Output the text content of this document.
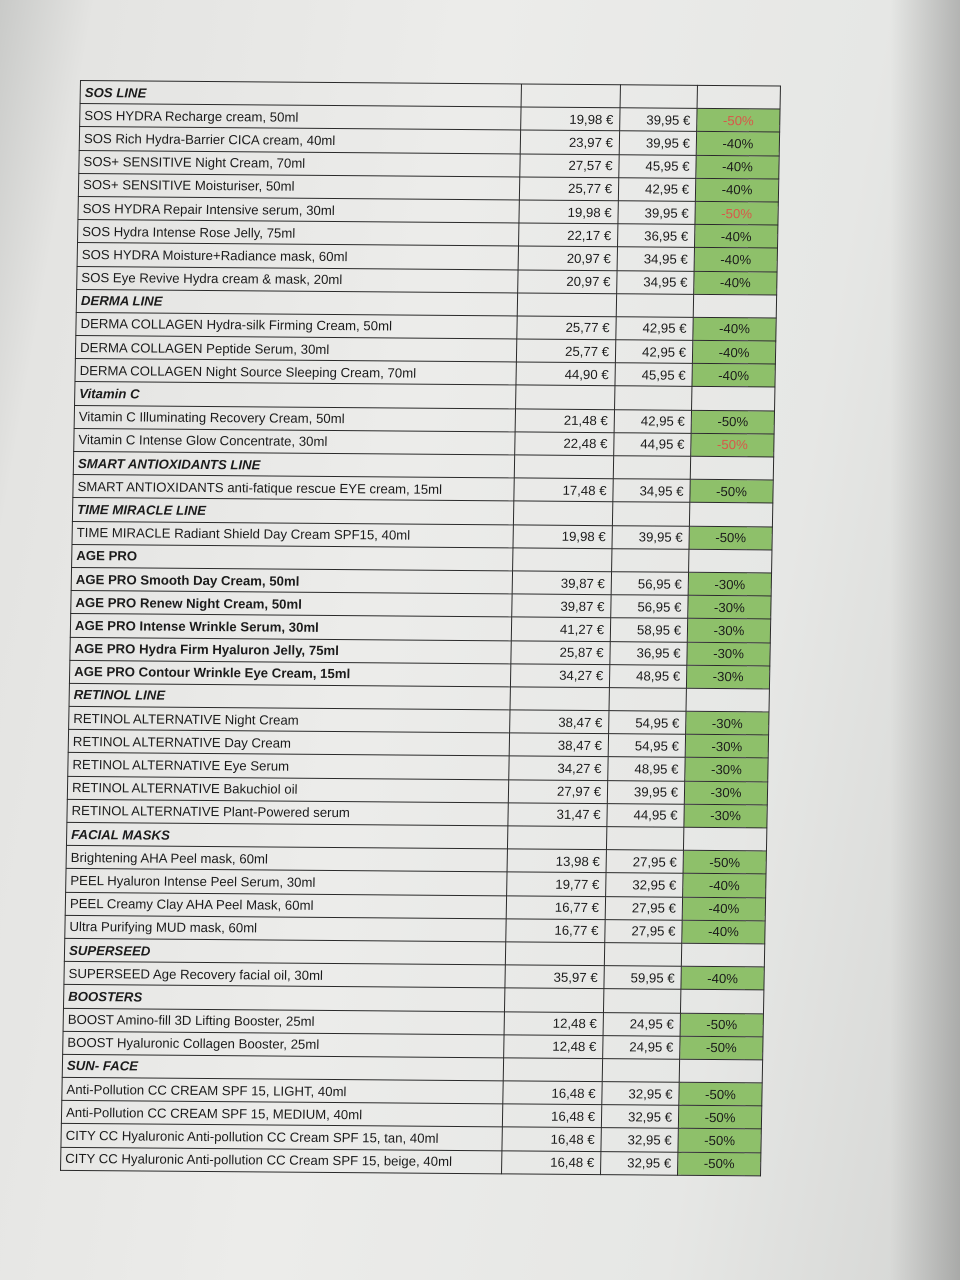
SOS LINE			
SOS HYDRA Recharge cream, 50ml	19,98 €	39,95 €	-50%
SOS Rich Hydra-Barrier CICA cream, 40ml	23,97 €	39,95 €	-40%
SOS+ SENSITIVE Night Cream, 70ml	27,57 €	45,95 €	-40%
SOS+ SENSITIVE Moisturiser, 50ml	25,77 €	42,95 €	-40%
SOS HYDRA Repair Intensive serum, 30ml	19,98 €	39,95 €	-50%
SOS Hydra Intense Rose Jelly, 75ml	22,17 €	36,95 €	-40%
SOS HYDRA Moisture+Radiance mask, 60ml	20,97 €	34,95 €	-40%
SOS Eye Revive Hydra cream & mask, 20ml	20,97 €	34,95 €	-40%
DERMA LINE			
DERMA COLLAGEN Hydra-silk Firming Cream, 50ml	25,77 €	42,95 €	-40%
DERMA COLLAGEN Peptide Serum, 30ml	25,77 €	42,95 €	-40%
DERMA COLLAGEN Night Source Sleeping Cream, 70ml	44,90 €	45,95 €	-40%
Vitamin C			
Vitamin C Illuminating Recovery Cream, 50ml	21,48 €	42,95 €	-50%
Vitamin C Intense Glow Concentrate, 30ml	22,48 €	44,95 €	-50%
SMART ANTIOXIDANTS LINE			
SMART ANTIOXIDANTS anti-fatique rescue EYE cream, 15ml	17,48 €	34,95 €	-50%
TIME MIRACLE LINE			
TIME MIRACLE Radiant Shield Day Cream SPF15, 40ml	19,98 €	39,95 €	-50%
AGE PRO			
AGE PRO Smooth Day Cream, 50ml	39,87 €	56,95 €	-30%
AGE PRO Renew Night Cream, 50ml	39,87 €	56,95 €	-30%
AGE PRO Intense Wrinkle Serum, 30ml	41,27 €	58,95 €	-30%
AGE PRO Hydra Firm Hyaluron Jelly, 75ml	25,87 €	36,95 €	-30%
AGE PRO Contour Wrinkle Eye Cream, 15ml	34,27 €	48,95 €	-30%
RETINOL LINE			
RETINOL ALTERNATIVE Night Cream	38,47 €	54,95 €	-30%
RETINOL ALTERNATIVE Day Cream	38,47 €	54,95 €	-30%
RETINOL ALTERNATIVE Eye Serum	34,27 €	48,95 €	-30%
RETINOL ALTERNATIVE Bakuchiol oil	27,97 €	39,95 €	-30%
RETINOL ALTERNATIVE Plant-Powered serum	31,47 €	44,95 €	-30%
FACIAL MASKS			
Brightening AHA Peel mask, 60ml	13,98 €	27,95 €	-50%
PEEL Hyaluron Intense Peel Serum, 30ml	19,77 €	32,95 €	-40%
PEEL Creamy Clay AHA Peel Mask, 60ml	16,77 €	27,95 €	-40%
Ultra Purifying MUD mask, 60ml	16,77 €	27,95 €	-40%
SUPERSEED			
SUPERSEED Age Recovery facial oil, 30ml	35,97 €	59,95 €	-40%
BOOSTERS			
BOOST Amino-fill 3D Lifting Booster, 25ml	12,48 €	24,95 €	-50%
BOOST Hyaluronic Collagen Booster, 25ml	12,48 €	24,95 €	-50%
SUN- FACE			
Anti-Pollution CC CREAM SPF 15, LIGHT, 40ml	16,48 €	32,95 €	-50%
Anti-Pollution CC CREAM SPF 15, MEDIUM, 40ml	16,48 €	32,95 €	-50%
CITY CC Hyaluronic Anti-pollution CC Cream SPF 15, tan, 40ml	16,48 €	32,95 €	-50%
CITY CC Hyaluronic Anti-pollution CC Cream SPF 15, beige, 40ml	16,48 €	32,95 €	-50%
